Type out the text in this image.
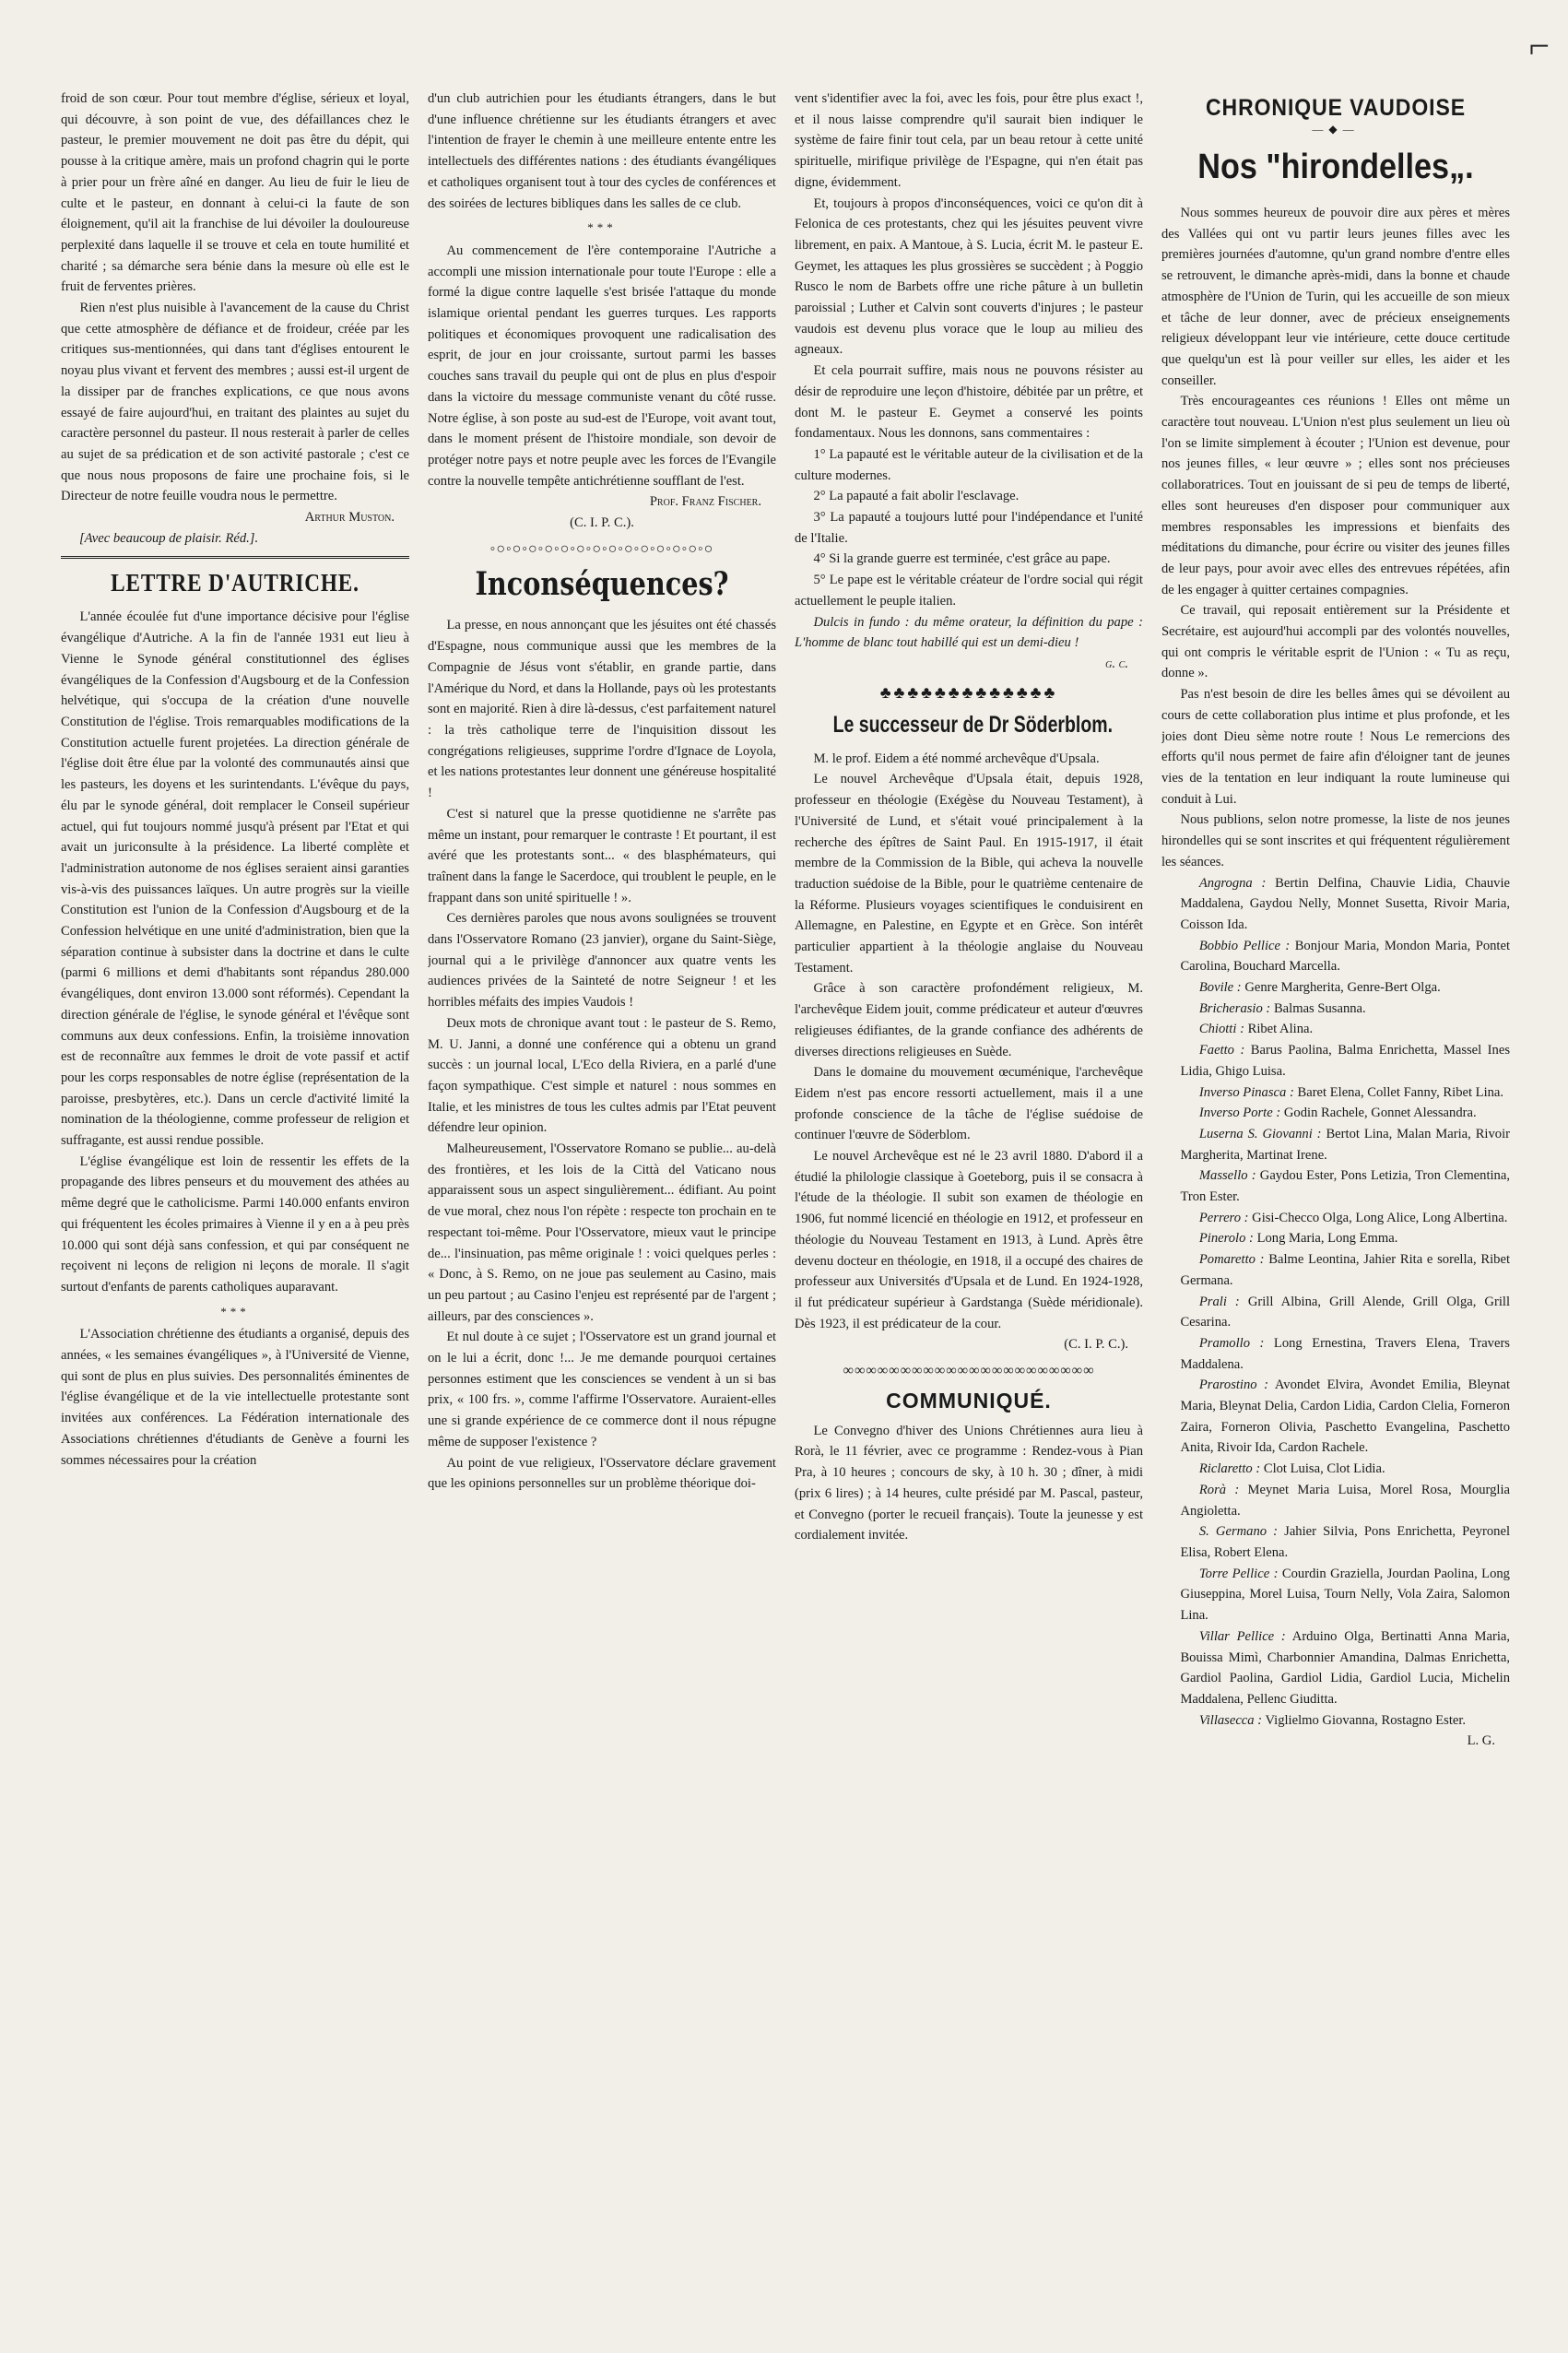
⌐

froid de son cœur. Pour tout membre d'église, sérieux et loyal, qui découvre, à son point de vue, des défaillances chez le pasteur, le premier mouvement ne doit pas être du dépit, qui pousse à la critique amère, mais un profond chagrin qui le porte à prier pour un frère aîné en danger. Au lieu de fuir le lieu de culte et le pasteur, en donnant à celui-ci la faute de son éloignement, qu'il ait la franchise de lui dévoiler la douloureuse perplexité dans laquelle il se trouve et cela en toute humilité et charité ; sa démarche sera bénie dans la mesure où elle est le fruit de ferventes prières.

Rien n'est plus nuisible à l'avancement de la cause du Christ que cette atmosphère de défiance et de froideur, créée par les critiques sus-mentionnées, qui dans tant d'églises entourent le noyau plus vivant et fervent des membres ; aussi est-il urgent de la dissiper par de franches explications, ce que nous avons essayé de faire aujourd'hui, en traitant des plaintes au sujet du caractère personnel du pasteur. Il nous resterait à parler de celles au sujet de sa prédication et de son activité pastorale ; c'est ce que nous nous proposons de faire une prochaine fois, si le Directeur de notre feuille voudra nous le permettre.

Arthur Muston.

[Avec beaucoup de plaisir. Réd.].

LETTRE D'AUTRICHE.

L'année écoulée fut d'une importance décisive pour l'église évangélique d'Autriche. A la fin de l'année 1931 eut lieu à Vienne le Synode général constitutionnel des églises évangéliques de la Confession d'Augsbourg et de la Confession helvétique, qui s'occupa de la création d'une nouvelle Constitution de l'église. Trois remarquables modifications de la Constitution actuelle furent projetées. La direction générale de l'église doit être élue par la volonté des communautés ainsi que les pasteurs, les doyens et les surintendants. L'évêque du pays, élu par le synode général, doit remplacer le Conseil supérieur actuel, qui fut toujours nommé jusqu'à présent par l'Etat et qui avait un juriconsulte à la présidence. La liberté complète et l'administration autonome de nos églises seraient ainsi garanties vis-à-vis des puissances laïques. Un autre progrès sur la vieille Constitution est l'union de la Confession d'Augsbourg et de la Confession helvétique en une unité d'administration, bien que la séparation continue à subsister dans la doctrine et dans le culte (parmi 6 millions et demi d'habitants sont répandus 280.000 évangéliques, dont environ 13.000 sont réformés). Cependant la direction générale de l'église, le synode général et l'évêque sont communs aux deux confessions. Enfin, la troisième innovation est de reconnaître aux femmes le droit de vote passif et actif pour les corps responsables de notre église (représentation de la paroisse, presbytères, etc.). Dans un cercle d'activité limité la nomination de la théologienne, comme professeur de religion et suffragante, est aussi rendue possible.

L'église évangélique est loin de ressentir les effets de la propagande des libres penseurs et du mouvement des athées au même degré que le catholicisme. Parmi 140.000 enfants environ qui fréquentent les écoles primaires à Vienne il y en a à peu près 10.000 qui sont déjà sans confession, et qui par conséquent ne reçoivent ni leçons de religion ni leçons de morale. Il s'agit surtout d'enfants de parents catholiques auparavant.

***

L'Association chrétienne des étudiants a organisé, depuis des années, « les semaines évangéliques », à l'Université de Vienne, qui sont de plus en plus suivies. Des personnalités éminentes de l'église évangélique et de la vie intellectuelle protestante sont invitées aux conférences. La Fédération internationale des Associations chrétiennes d'étudiants de Genève a fourni les sommes nécessaires pour la création

d'un club autrichien pour les étudiants étrangers, dans le but d'une influence chrétienne sur les étudiants étrangers et avec l'intention de frayer le chemin à une meilleure entente entre les intellectuels des différentes nations : des étudiants évangéliques et catholiques organisent tout à tour des cycles de conférences et des soirées de lectures bibliques dans les salles de ce club.

***

Au commencement de l'ère contemporaine l'Autriche a accompli une mission internationale pour toute l'Europe : elle a formé la digue contre laquelle s'est brisée l'attaque du monde islamique oriental pendant les guerres turques. Les rapports politiques et économiques provoquent une radicalisation des esprit, de jour en jour croissante, surtout parmi les basses couches sans travail du peuple qui ont de plus en plus d'espoir dans la victoire du message communiste venant du côté russe. Notre église, à son poste au sud-est de l'Europe, voit avant tout, dans le moment présent de l'histoire mondiale, son devoir de protéger notre pays et notre peuple avec les forces de l'Evangile contre la nouvelle tempête antichrétienne soufflant de l'est.

Prof. Franz Fischer.

(C. I. P. C.).

◦○◦○◦○◦○◦○◦○◦○◦○◦○◦○◦○◦○◦○◦○
Inconséquences?

La presse, en nous annonçant que les jésuites ont été chassés d'Espagne, nous communique aussi que les membres de la Compagnie de Jésus vont s'établir, en grande partie, dans l'Amérique du Nord, et dans la Hollande, pays où les protestants sont en majorité. Rien à dire là-dessus, c'est parfaitement naturel : la très catholique terre de l'inquisition dissout les congrégations religieuses, supprime l'ordre d'Ignace de Loyola, et les nations protestantes leur donnent une généreuse hospitalité !

C'est si naturel que la presse quotidienne ne s'arrête pas même un instant, pour remarquer le contraste ! Et pourtant, il est avéré que les protestants sont... « des blasphémateurs, qui traînent dans la fange le Sacerdoce, qui troublent le peuple, en le frappant dans son unité spirituelle ! ».

Ces dernières paroles que nous avons soulignées se trouvent dans l'Osservatore Romano (23 janvier), organe du Saint-Siège, journal qui a le privilège d'annoncer aux quatre vents les audiences privées de la Sainteté de notre Seigneur ! et les horribles méfaits des impies Vaudois !

Deux mots de chronique avant tout : le pasteur de S. Remo, M. U. Janni, a donné une conférence qui a obtenu un grand succès : un journal local, L'Eco della Riviera, en a parlé d'une façon sympathique. C'est simple et naturel : nous sommes en Italie, et les ministres de tous les cultes admis par l'Etat peuvent défendre leur opinion.

Malheureusement, l'Osservatore Romano se publie... au-delà des frontières, et les lois de la Città del Vaticano nous apparaissent sous un aspect singulièrement... édifiant. Au point de vue moral, chez nous l'on répète : respecte ton prochain en te respectant toi-même. Pour l'Osservatore, mieux vaut le principe de... l'insinuation, pas même originale ! : voici quelques perles : « Donc, à S. Remo, on ne joue pas seulement au Casino, mais un peu partout ; au Casino l'enjeu est représenté par de l'argent ; ailleurs, par des consciences ».

Et nul doute à ce sujet ; l'Osservatore est un grand journal et on le lui a écrit, donc !... Je me demande pourquoi certaines personnes estiment que les consciences se vendent à un si bas prix, « 100 frs. », comme l'affirme l'Osservatore. Auraient-elles une si grande expérience de ce commerce dont il nous répugne même de supposer l'existence ?

Au point de vue religieux, l'Osservatore déclare gravement que les opinions personnelles sur un problème théorique doi-

vent s'identifier avec la foi, avec les fois, pour être plus exact !, et il nous laisse comprendre qu'il saurait bien indiquer le système de faire finir tout cela, par un beau retour à cette unité spirituelle, mirifique privilège de l'Espagne, qui n'en était pas digne, évidemment.

Et, toujours à propos d'inconséquences, voici ce qu'on dit à Felonica de ces protestants, chez qui les jésuites peuvent vivre librement, en paix. A Mantoue, à S. Lucia, écrit M. le pasteur E. Geymet, les attaques les plus grossières se succèdent ; à Poggio Rusco le nom de Barbets offre une riche pâture à un bulletin paroissial ; Luther et Calvin sont couverts d'injures ; le pasteur vaudois est devenu plus vorace que le loup au milieu des agneaux.

Et cela pourrait suffire, mais nous ne pouvons résister au désir de reproduire une leçon d'histoire, débitée par un prêtre, et dont M. le pasteur E. Geymet a conservé les points fondamentaux. Nous les donnons, sans commentaires :

1° La papauté est le véritable auteur de la civilisation et de la culture modernes.

2° La papauté a fait abolir l'esclavage.

3° La papauté a toujours lutté pour l'indépendance et l'unité de l'Italie.

4° Si la grande guerre est terminée, c'est grâce au pape.

5° Le pape est le véritable créateur de l'ordre social qui régit actuellement le peuple italien.

Dulcis in fundo : du même orateur, la définition du pape : L'homme de blanc tout habillé qui est un demi-dieu !

g. c.

♣♣♣♣♣♣♣♣♣♣♣♣♣
Le successeur de Dr Söderblom.

M. le prof. Eidem a été nommé archevêque d'Upsala.

Le nouvel Archevêque d'Upsala était, depuis 1928, professeur en théologie (Exégèse du Nouveau Testament), à l'Université de Lund, et s'était voué principalement à la recherche des épîtres de Saint Paul. En 1915-1917, il était membre de la Commission de la Bible, qui acheva la nouvelle traduction suédoise de la Bible, pour le quatrième centenaire de la Réforme. Plusieurs voyages scientifiques le conduisirent en Allemagne, en Palestine, en Egypte et en Grèce. Son intérêt particulier appartient à la théologie anglaise du Nouveau Testament.

Grâce à son caractère profondément religieux, M. l'archevêque Eidem jouit, comme prédicateur et auteur d'œuvres religieuses édifiantes, de la grande confiance des adhérents de diverses directions religieuses en Suède.

Dans le domaine du mouvement œcuménique, l'archevêque Eidem n'est pas encore ressorti actuellement, mais il a une profonde conscience de la tâche de l'église suédoise de continuer l'œuvre de Söderblom.

Le nouvel Archevêque est né le 23 avril 1880. D'abord il a étudié la philologie classique à Goeteborg, puis il se consacra à l'étude de la théologie. Il subit son examen de théologie en 1906, fut nommé licencié en théologie en 1912, et professeur en théologie du Nouveau Testament en 1913, à Lund. Après être devenu docteur en théologie, en 1918, il a occupé des chaires de professeur aux Universités d'Upsala et de Lund. En 1924-1928, il fut prédicateur supérieur à Gardstanga (Suède méridionale). Dès 1923, il est prédicateur de la cour.

(C. I. P. C.).

∞∞∞∞∞∞∞∞∞∞∞∞∞∞∞∞∞∞∞∞∞∞
COMMUNIQUÉ.

Le Convegno d'hiver des Unions Chrétiennes aura lieu à Rorà, le 11 février, avec ce programme : Rendez-vous à Pian Pra, à 10 heures ; concours de sky, à 10 h. 30 ; dîner, à midi (prix 6 lires) ; à 14 heures, culte présidé par M. Pascal, pasteur, et Convegno (porter le recueil français). Toute la jeunesse y est cordialement invitée.

CHRONIQUE VAUDOISE
—◆—
Nos "hirondelles„.

Nous sommes heureux de pouvoir dire aux pères et mères des Vallées qui ont vu partir leurs jeunes filles avec les premières journées d'automne, qu'un grand nombre d'entre elles se retrouvent, le dimanche après-midi, dans la bonne et chaude atmosphère de l'Union de Turin, qui les accueille de son mieux et tâche de leur donner, avec de précieux enseignements religieux développant leur vie intérieure, cette douce certitude que quelqu'un est là pour veiller sur elles, les aider et les conseiller.

Très encourageantes ces réunions ! Elles ont même un caractère tout nouveau. L'Union n'est plus seulement un lieu où l'on se limite simplement à écouter ; l'Union est devenue, pour nos jeunes filles, « leur œuvre » ; elles sont nos précieuses collaboratrices. Tout en jouissant de si peu de temps de liberté, elles sont heureuses d'en disposer pour communiquer aux membres responsables les impressions et bienfaits des méditations du dimanche, pour écrire ou visiter des jeunes filles de leur pays, pour avoir avec elles des entrevues répétées, afin de les engager à quitter certaines compagnies.

Ce travail, qui reposait entièrement sur la Présidente et Secrétaire, est aujourd'hui accompli par des volontés nouvelles, qui ont compris le véritable esprit de l'Union : « Tu as reçu, donne ».

Pas n'est besoin de dire les belles âmes qui se dévoilent au cours de cette collaboration plus intime et plus profonde, et les joies dont Dieu sème notre route ! Nous Le remercions des efforts qu'il nous permet de faire afin d'éloigner tant de jeunes vies de la tentation en leur indiquant la route lumineuse qui conduit à Lui.

Nous publions, selon notre promesse, la liste de nos jeunes hirondelles qui se sont inscrites et qui fréquentent régulièrement les séances.

Angrogna : Bertin Delfina, Chauvie Lidia, Chauvie Maddalena, Gaydou Nelly, Monnet Susetta, Rivoir Maria, Coisson Ida.

Bobbio Pellice : Bonjour Maria, Mondon Maria, Pontet Carolina, Bouchard Marcella.

Bovile : Genre Margherita, Genre-Bert Olga.

Bricherasio : Balmas Susanna.

Chiotti : Ribet Alina.

Faetto : Barus Paolina, Balma Enrichetta, Massel Ines Lidia, Ghigo Luisa.

Inverso Pinasca : Baret Elena, Collet Fanny, Ribet Lina.

Inverso Porte : Godin Rachele, Gonnet Alessandra.

Luserna S. Giovanni : Bertot Lina, Malan Maria, Rivoir Margherita, Martinat Irene.

Massello : Gaydou Ester, Pons Letizia, Tron Clementina, Tron Ester.

Perrero : Gisi-Checco Olga, Long Alice, Long Albertina.

Pinerolo : Long Maria, Long Emma.

Pomaretto : Balme Leontina, Jahier Rita e sorella, Ribet Germana.

Prali : Grill Albina, Grill Alende, Grill Olga, Grill Cesarina.

Pramollo : Long Ernestina, Travers Elena, Travers Maddalena.

Prarostino : Avondet Elvira, Avondet Emilia, Bleynat Maria, Bleynat Delia, Cardon Lidia, Cardon Clelia, Forneron Zaira, Forneron Olivia, Paschetto Evangelina, Paschetto Anita, Rivoir Ida, Cardon Rachele.

Riclaretto : Clot Luisa, Clot Lidia.

Rorà : Meynet Maria Luisa, Morel Rosa, Mourglia Angioletta.

S. Germano : Jahier Silvia, Pons Enrichetta, Peyronel Elisa, Robert Elena.

Torre Pellice : Courdin Graziella, Jourdan Paolina, Long Giuseppina, Morel Luisa, Tourn Nelly, Vola Zaira, Salomon Lina.

Villar Pellice : Arduino Olga, Bertinatti Anna Maria, Bouissa Mimì, Charbonnier Amandina, Dalmas Enrichetta, Gardiol Paolina, Gardiol Lidia, Gardiol Lucia, Michelin Maddalena, Pellenc Giuditta.

Villasecca : Viglielmo Giovanna, Rostagno Ester.

L. G.
